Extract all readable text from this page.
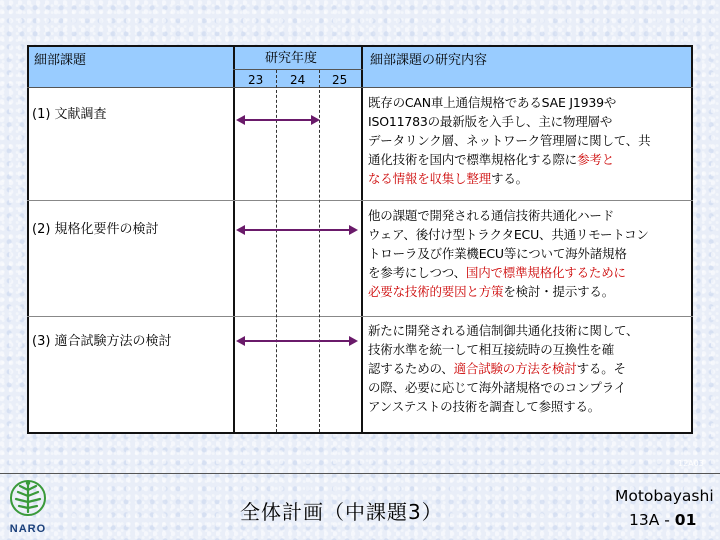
細部課題	研究年度	細部課題の研究内容
23 24 25
(1) 文献調査
(2) 規格化要件の検討
(3) 適合試験方法の検討
既存のCAN車上通信規格であるSAE J1939や
ISO11783の最新版を入手し、主に物理層や
データリンク層、ネットワーク管理層に関して、共
通化技術を国内で標準規格化する際に参考と
なる情報を収集し整理する。
他の課題で開発される通信技術共通化ハード
ウェア、後付け型トラクタECU、共通リモートコン
トローラ及び作業機ECU等について海外諸規格
を参考にしつつ、国内で標準規格化するために
必要な技術的要因と方策を検討・提示する。
新たに開発される通信制御共通化技術に関して、
技術水準を統一して相互接続時の互換性を確
認するための、適合試験の方法を検討する。そ
の際、必要に応じて海外諸規格でのコンプライ
アンステストの技術を調査して参照する。
12A03
NARO
全体計画（中課題3）
Motobayashi
13A - 01
